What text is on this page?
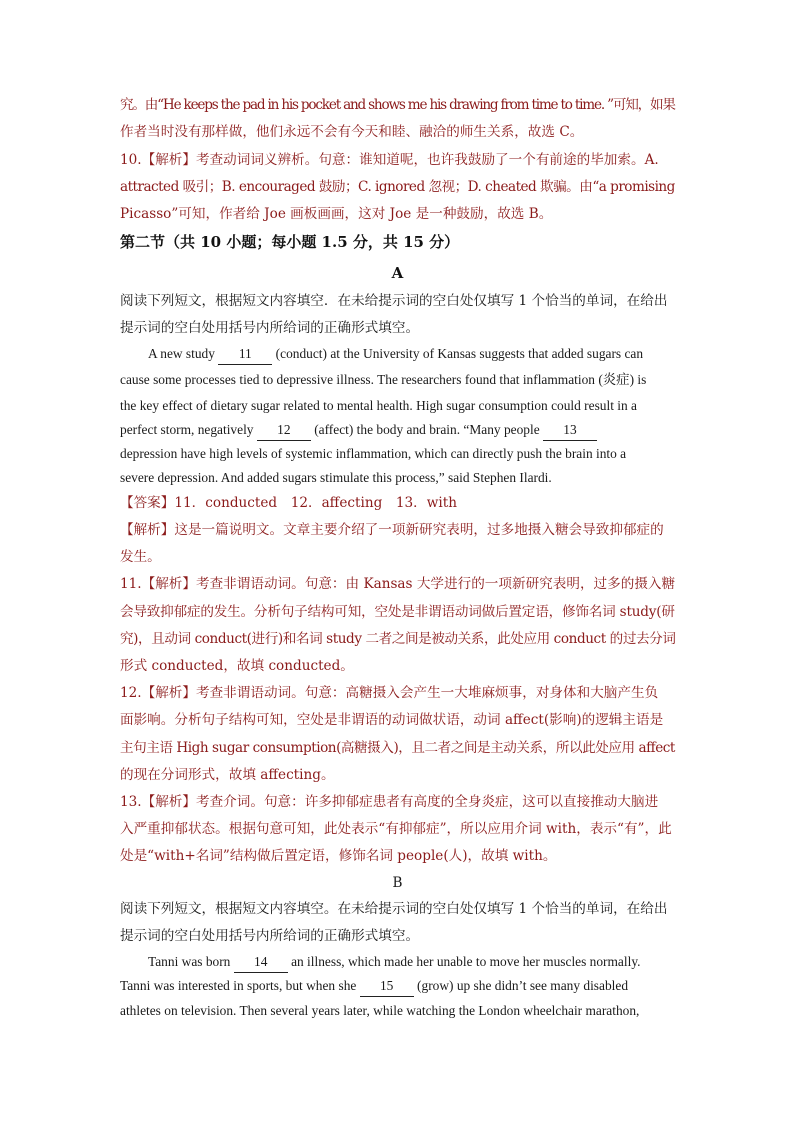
究。由“He keeps the pad in his pocket and shows me his drawing from time to time. ”可知，如果
作者当时没有那样做，他们永远不会有今天和睦、融洽的师生关系，故选 C。
10.【解析】考查动词词义辨析。句意：谁知道呢，也许我鼓励了一个有前途的毕加索。A.
attracted 吸引；B. encouraged 鼓励；C. ignored 忽视；D. cheated 欺骗。由“a promising
Picasso”可知，作者给 Joe 画板画画，这对 Joe 是一种鼓励，故选 B。
第二节（共 10 小题；每小题 1.5 分，共 15 分）
A
阅读下列短文，根据短文内容填空．在未给提示词的空白处仅填写 1 个恰当的单词，在给出
提示词的空白处用括号内所给词的正确形式填空。
A new study 11 (conduct) at the University of Kansas suggests that added sugars can
cause some processes tied to depressive illness. The researchers found that inflammation (炎症) is
the key effect of dietary sugar related to mental health. High sugar consumption could result in a
perfect storm, negatively 12 (affect) the body and brain. “Many people 13
depression have high levels of systemic inflammation, which can directly push the brain into a
severe depression. And added sugars stimulate this process,” said Stephen Ilardi.
【答案】11．conducted　12．affecting　13．with
【解析】这是一篇说明文。文章主要介绍了一项新研究表明，过多地摄入糖会导致抑郁症的
发生。
11.【解析】考查非谓语动词。句意：由 Kansas 大学进行的一项新研究表明，过多的摄入糖
会导致抑郁症的发生。分析句子结构可知，空处是非谓语动词做后置定语，修饰名词 study(研
究)，且动词 conduct(进行)和名词 study 二者之间是被动关系，此处应用 conduct 的过去分词
形式 conducted，故填 conducted。
12.【解析】考查非谓语动词。句意：高糖摄入会产生一大堆麻烦事，对身体和大脑产生负
面影响。分析句子结构可知，空处是非谓语的动词做状语，动词 affect(影响)的逻辑主语是
主句主语 High sugar consumption(高糖摄入)，且二者之间是主动关系，所以此处应用 affect
的现在分词形式，故填 affecting。
13.【解析】考查介词。句意：许多抑郁症患者有高度的全身炎症，这可以直接推动大脑进
入严重抑郁状态。根据句意可知，此处表示“有抑郁症”，所以应用介词 with，表示“有”，此
处是“with+名词”结构做后置定语，修饰名词 people(人)，故填 with。
B
阅读下列短文，根据短文内容填空。在未给提示词的空白处仅填写 1 个恰当的单词，在给出
提示词的空白处用括号内所给词的正确形式填空。
Tanni was born 14 an illness, which made her unable to move her muscles normally.
Tanni was interested in sports, but when she 15 (grow) up she didn’t see many disabled
athletes on television. Then several years later, while watching the London wheelchair marathon,
